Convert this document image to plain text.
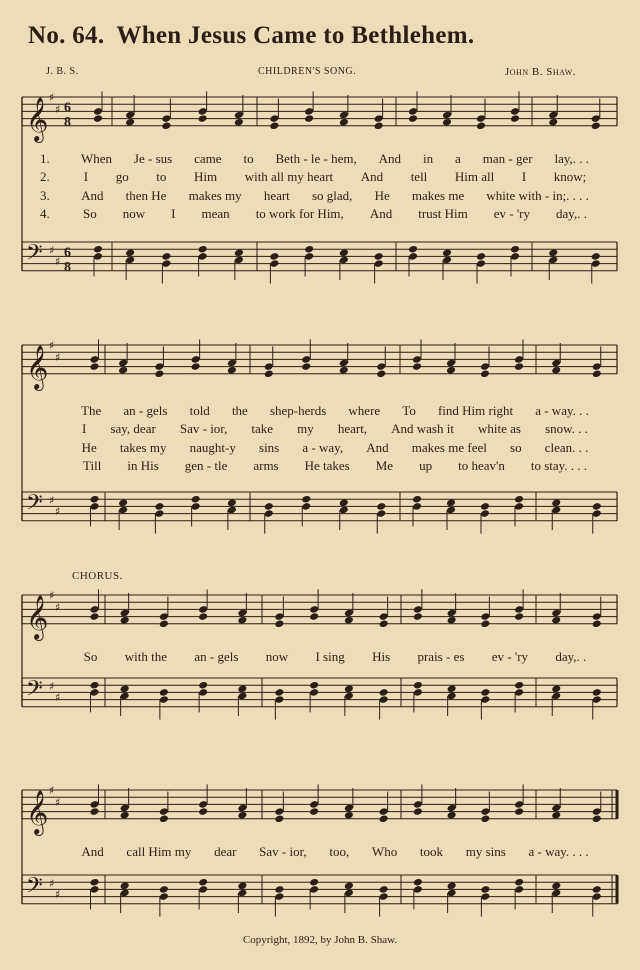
No. 64. When Jesus Came to Bethlehem.
J. B. S.	CHILDREN'S SONG.	John B. Shaw.
CHORUS.
𝄞 ♯
♯ 6
8
𝄢 ♯
♯
6
8
𝄞 ♯
♯
𝄢 ♯
♯
𝄞 ♯
♯
𝄢 ♯
♯
𝄞 ♯
♯
𝄢 ♯
♯
Copyright, 1892, by John B. Shaw.
1.	When	Je - sus	came	to	Beth - le - hem,	And	in	a	man - ger	lay,. . .
2.	I	go	to	Him	with all my heart	And	tell	Him all	I	know;
3.	And	then He	makes my	heart	so glad,	He	makes me	white with - in;. . . .
4.	So	now	I	mean	to work for Him,	And	trust Him	ev - 'ry	day,. .
The	an - gels	told	the	shep-herds	where	To	find Him right	a - way. . .
I	say, dear	Sav - ior,	take	my	heart,	And wash it	white as	snow. . .
He	takes my	naught-y	sins	a - way,	And	makes me feel	so	clean. . .
Till	in His	gen - tle	arms	He takes	Me	up	to heav'n	to stay. . . .
So	with the	an - gels	now	I sing	His	prais - es	ev - 'ry	day,. .
And	call Him my	dear	Sav - ior,	too,	Who	took	my sins	a - way. . . .
